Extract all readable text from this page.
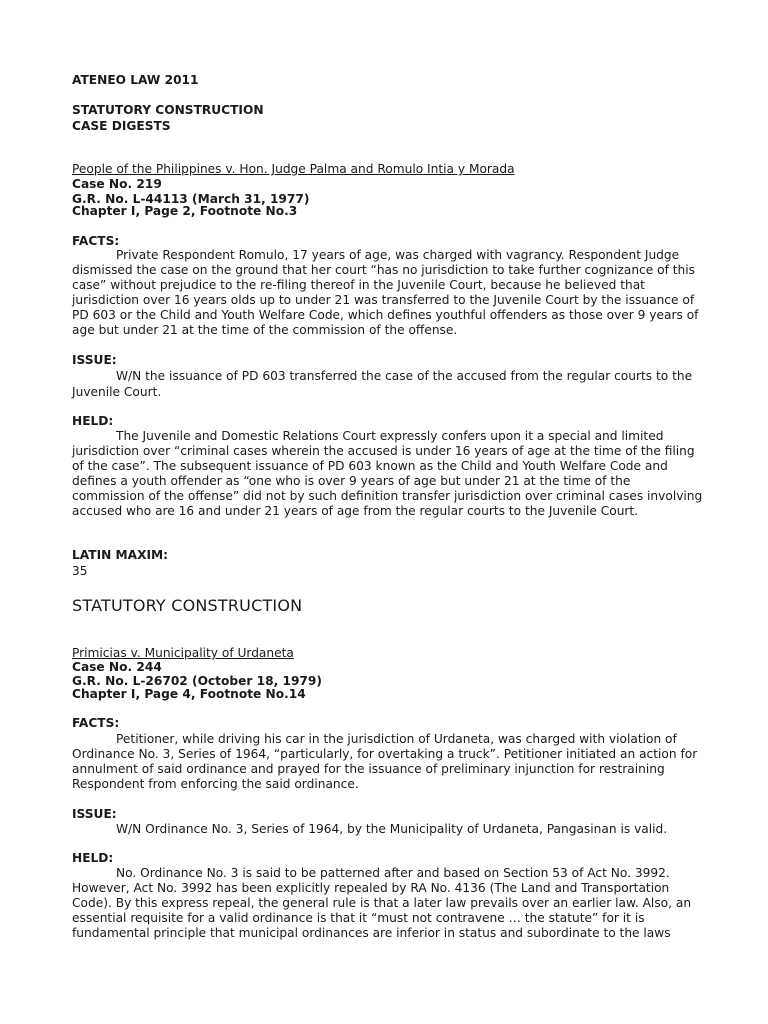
ATENEO LAW 2011
STATUTORY CONSTRUCTION
CASE DIGESTS
People of the Philippines v. Hon. Judge Palma and Romulo Intia y Morada
Case No. 219
G.R. No. L-44113 (March 31, 1977)
Chapter I, Page 2, Footnote No.3
FACTS:

Private Respondent Romulo, 17 years of age, was charged with vagrancy. Respondent Judge dismissed the case on the ground that her court “has no jurisdiction to take further cognizance of this case” without prejudice to the re-filing thereof in the Juvenile Court, because he believed that jurisdiction over 16 years olds up to under 21 was transferred to the Juvenile Court by the issuance of PD 603 or the Child and Youth Welfare Code, which defines youthful offenders as those over 9 years of age but under 21 at the time of the commission of the offense.

ISSUE:

W/N the issuance of PD 603 transferred the case of the accused from the regular courts to the Juvenile Court.

HELD:

The Juvenile and Domestic Relations Court expressly confers upon it a special and limited jurisdiction over “criminal cases wherein the accused is under 16 years of age at the time of the filing of the case”. The subsequent issuance of PD 603 known as the Child and Youth Welfare Code and defines a youth offender as “one who is over 9 years of age but under 21 at the time of the commission of the offense” did not by such definition transfer jurisdiction over criminal cases involving accused who are 16 and under 21 years of age from the regular courts to the Juvenile Court.

LATIN MAXIM:
35
STATUTORY CONSTRUCTION
Primicias v. Municipality of Urdaneta
Case No. 244
G.R. No. L-26702 (October 18, 1979)
Chapter I, Page 4, Footnote No.14
FACTS:

Petitioner, while driving his car in the jurisdiction of Urdaneta, was charged with violation of Ordinance No. 3, Series of 1964, “particularly, for overtaking a truck”. Petitioner initiated an action for annulment of said ordinance and prayed for the issuance of preliminary injunction for restraining Respondent from enforcing the said ordinance.

ISSUE:

W/N Ordinance No. 3, Series of 1964, by the Municipality of Urdaneta, Pangasinan is valid.

HELD:

No. Ordinance No. 3 is said to be patterned after and based on Section 53 of Act No. 3992. However, Act No. 3992 has been explicitly repealed by RA No. 4136 (The Land and Transportation Code). By this express repeal, the general rule is that a later law prevails over an earlier law. Also, an essential requisite for a valid ordinance is that it “must not contravene … the statute” for it is fundamental principle that municipal ordinances are inferior in status and subordinate to the laws
